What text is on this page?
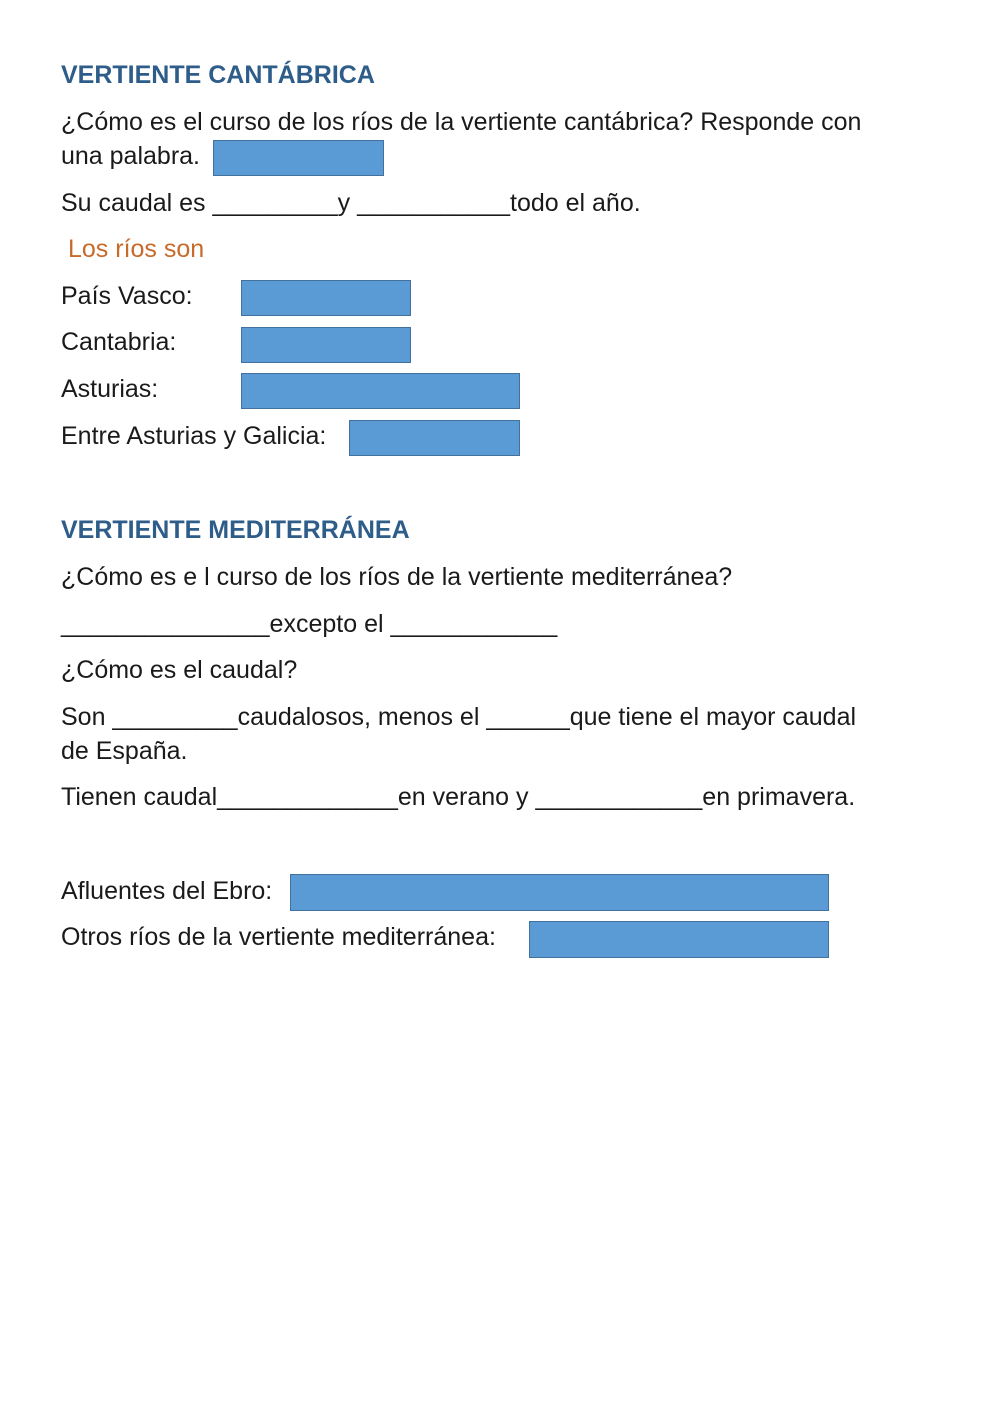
VERTIENTE CANTÁBRICA
¿Cómo es el curso de los ríos de la vertiente cantábrica? Responde con
una palabra.
Su caudal es _________y ___________todo el año.
Los ríos son
País Vasco:
Cantabria:
Asturias:
Entre Asturias y Galicia:
VERTIENTE MEDITERRÁNEA
¿Cómo es e l curso de los ríos de la vertiente mediterránea?
_______________excepto el ____________
¿Cómo es el caudal?
Son _________caudalosos, menos el ______que tiene el mayor caudal
de España.
Tienen caudal_____________en verano y ____________en primavera.
Afluentes del Ebro:
Otros ríos de la vertiente mediterránea:
